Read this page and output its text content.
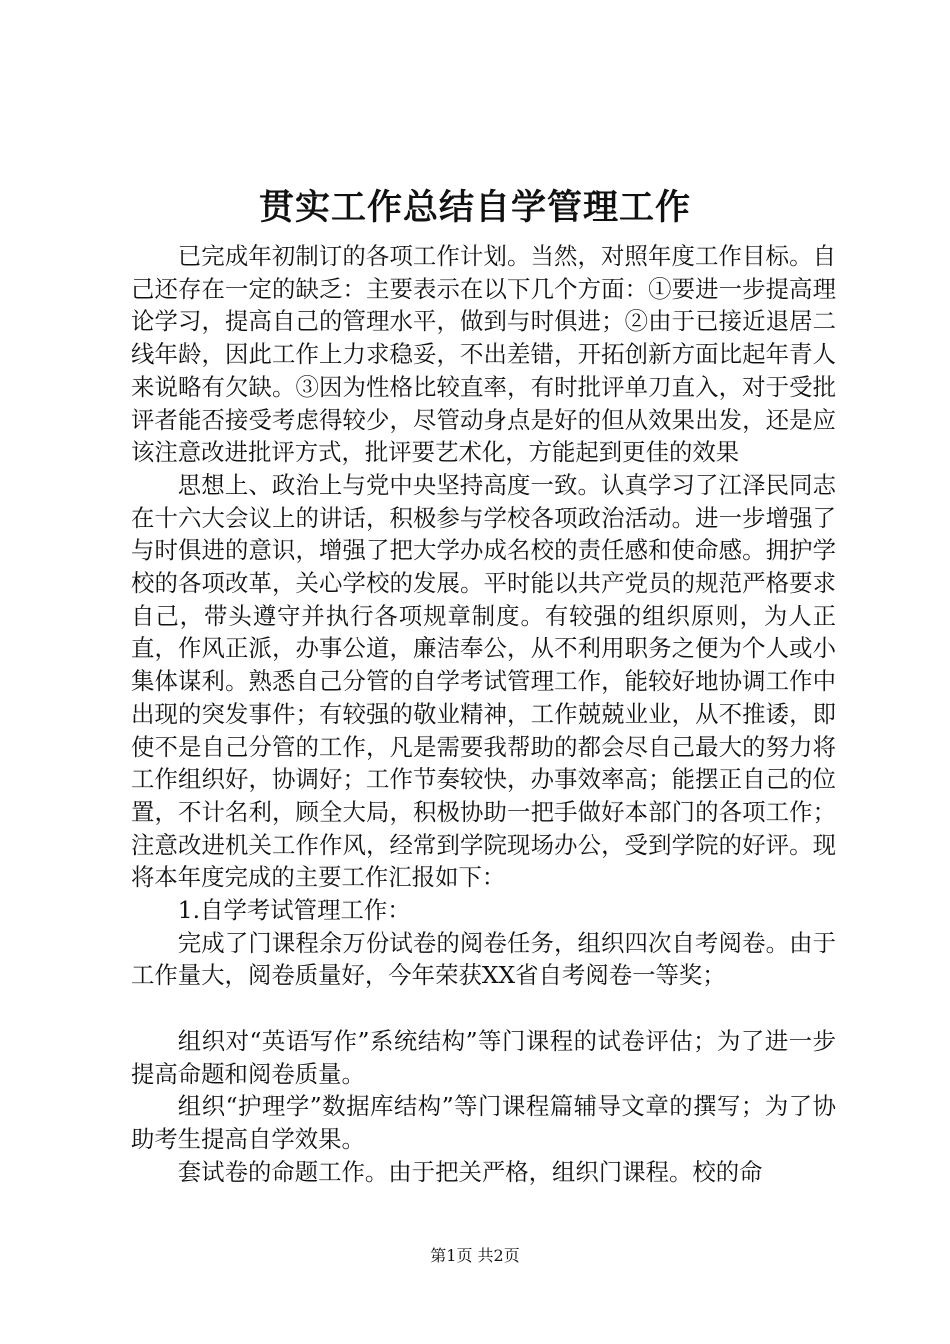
贯实工作总结自学管理工作

已完成年初制订的各项工作计划。当然，对照年度工作目标。自己还存在一定的缺乏：主要表示在以下几个方面：①要进一步提高理论学习，提高自己的管理水平，做到与时俱进；②由于已接近退居二线年龄，因此工作上力求稳妥，不出差错，开拓创新方面比起年青人来说略有欠缺。③因为性格比较直率，有时批评单刀直入，对于受批评者能否接受考虑得较少，尽管动身点是好的但从效果出发，还是应该注意改进批评方式，批评要艺术化，方能起到更佳的效果

思想上、政治上与党中央坚持高度一致。认真学习了江泽民同志在十六大会议上的讲话，积极参与学校各项政治活动。进一步增强了与时俱进的意识，增强了把大学办成名校的责任感和使命感。拥护学校的各项改革，关心学校的发展。平时能以共产党员的规范严格要求自己，带头遵守并执行各项规章制度。有较强的组织原则，为人正直，作风正派，办事公道，廉洁奉公，从不利用职务之便为个人或小集体谋利。熟悉自己分管的自学考试管理工作，能较好地协调工作中出现的突发事件；有较强的敬业精神，工作兢兢业业，从不推诿，即使不是自己分管的工作，凡是需要我帮助的都会尽自己最大的努力将工作组织好，协调好；工作节奏较快，办事效率高；能摆正自己的位置，不计名利，顾全大局，积极协助一把手做好本部门的各项工作；注意改进机关工作作风，经常到学院现场办公，受到学院的好评。现将本年度完成的主要工作汇报如下：

1.自学考试管理工作：

完成了门课程余万份试卷的阅卷任务，组织四次自考阅卷。由于工作量大，阅卷质量好，今年荣获XX省自考阅卷一等奖；

组织对“英语写作”系统结构”等门课程的试卷评估；为了进一步提高命题和阅卷质量。

组织“护理学”数据库结构”等门课程篇辅导文章的撰写；为了协助考生提高自学效果。

套试卷的命题工作。由于把关严格，组织门课程。校的命

第1页 共2页
